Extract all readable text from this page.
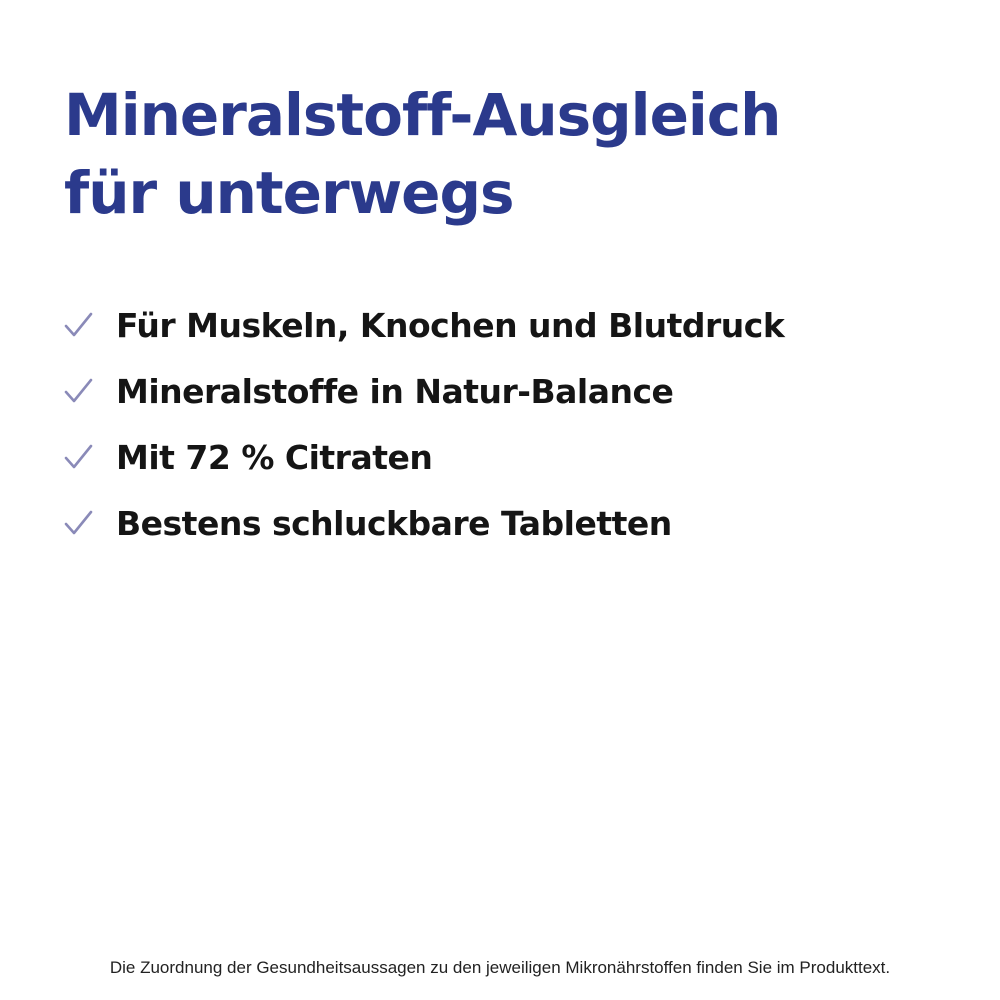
Mineralstoff-Ausgleich
für unterwegs
Für Muskeln, Knochen und Blutdruck
Mineralstoffe in Natur-Balance
Mit 72 % Citraten
Bestens schluckbare Tabletten

Die Zuordnung der Gesundheitsaussagen zu den jeweiligen Mikronährstoffen finden Sie im Produkttext.
